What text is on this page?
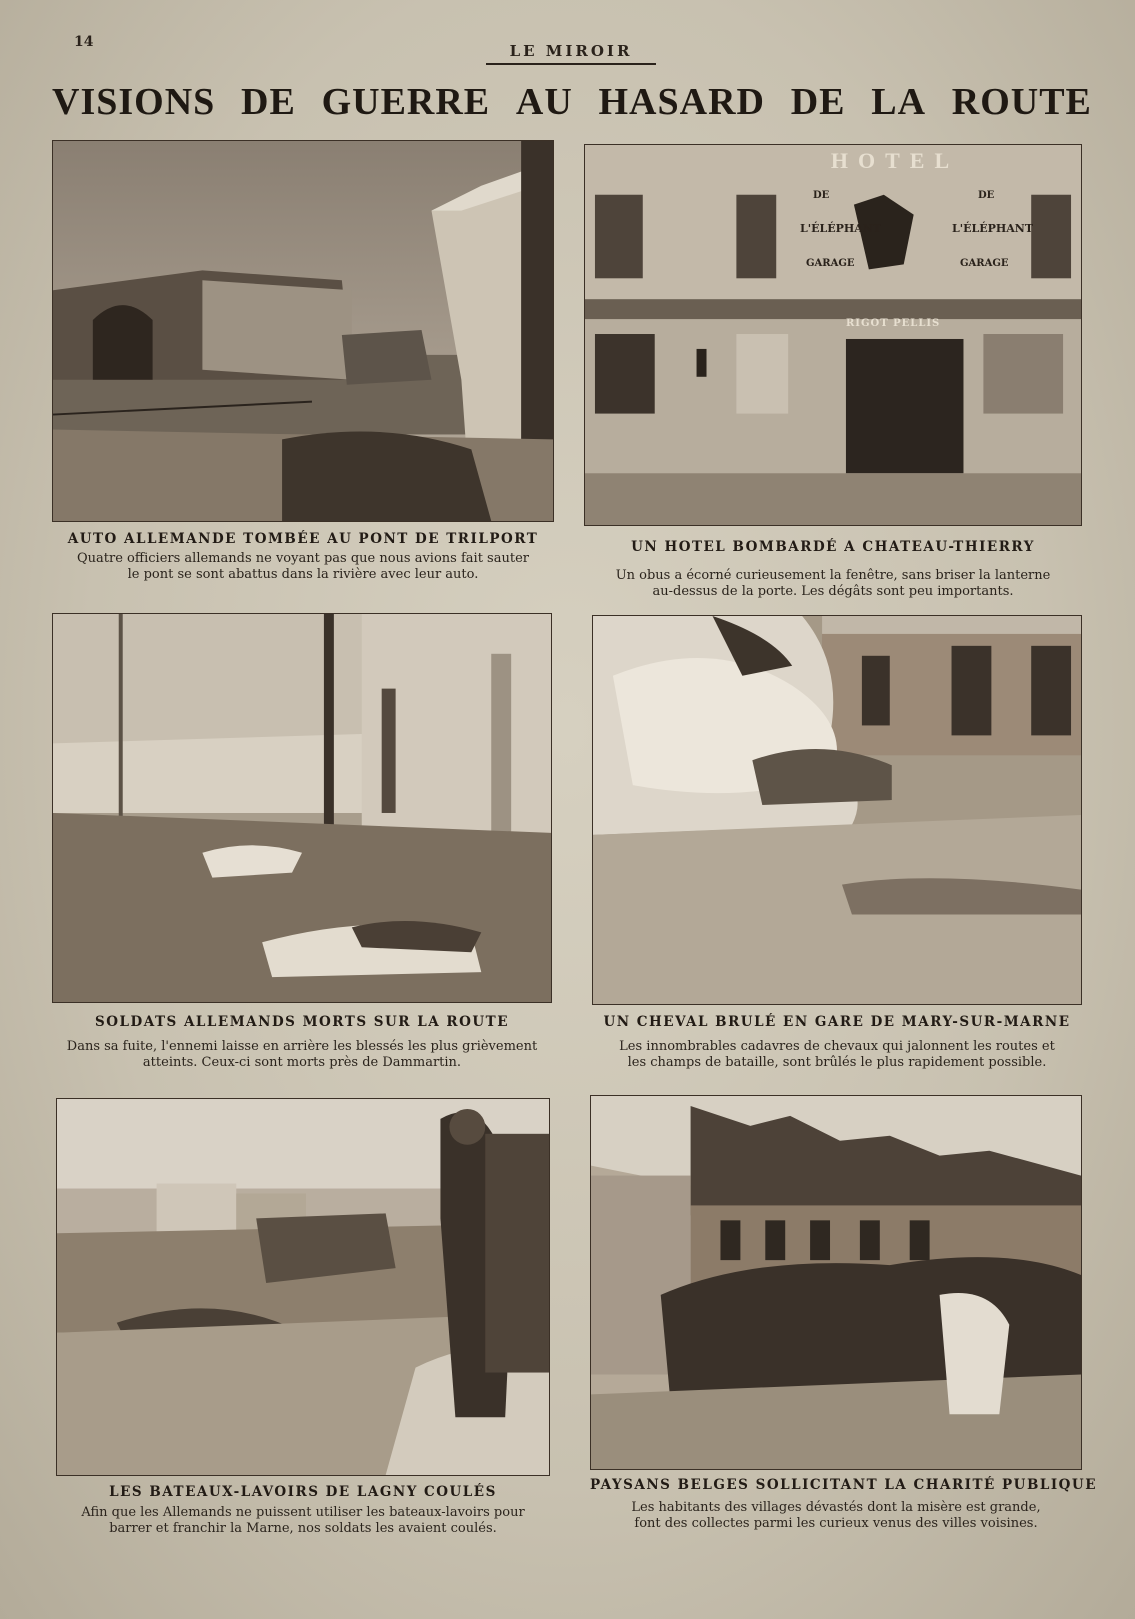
14	LE MIROIR
VISIONS DE GUERRE AU HASARD DE LA ROUTE
AUTO ALLEMANDE TOMBÉE AU PONT DE TRILPORT
Quatre officiers allemands ne voyant pas que nous avions fait sauter
le pont se sont abattus dans la rivière avec leur auto.
HOTEL
DE	DE
L'ÉLÉPHANT	L'ÉLÉPHANT
GARAGE	GARAGE
RIGOT PELLIS
UN HOTEL BOMBARDÉ A CHATEAU-THIERRY
Un obus a écorné curieusement la fenêtre, sans briser la lanterne
au-dessus de la porte. Les dégâts sont peu importants.
SOLDATS ALLEMANDS MORTS SUR LA ROUTE
Dans sa fuite, l'ennemi laisse en arrière les blessés les plus grièvement
atteints. Ceux-ci sont morts près de Dammartin.
UN CHEVAL BRULÉ EN GARE DE MARY-SUR-MARNE
Les innombrables cadavres de chevaux qui jalonnent les routes et
les champs de bataille, sont brûlés le plus rapidement possible.
LES BATEAUX-LAVOIRS DE LAGNY COULÉS
Afin que les Allemands ne puissent utiliser les bateaux-lavoirs pour
barrer et franchir la Marne, nos soldats les avaient coulés.
PAYSANS BELGES SOLLICITANT LA CHARITÉ PUBLIQUE
Les habitants des villages dévastés dont la misère est grande,
font des collectes parmi les curieux venus des villes voisines.
